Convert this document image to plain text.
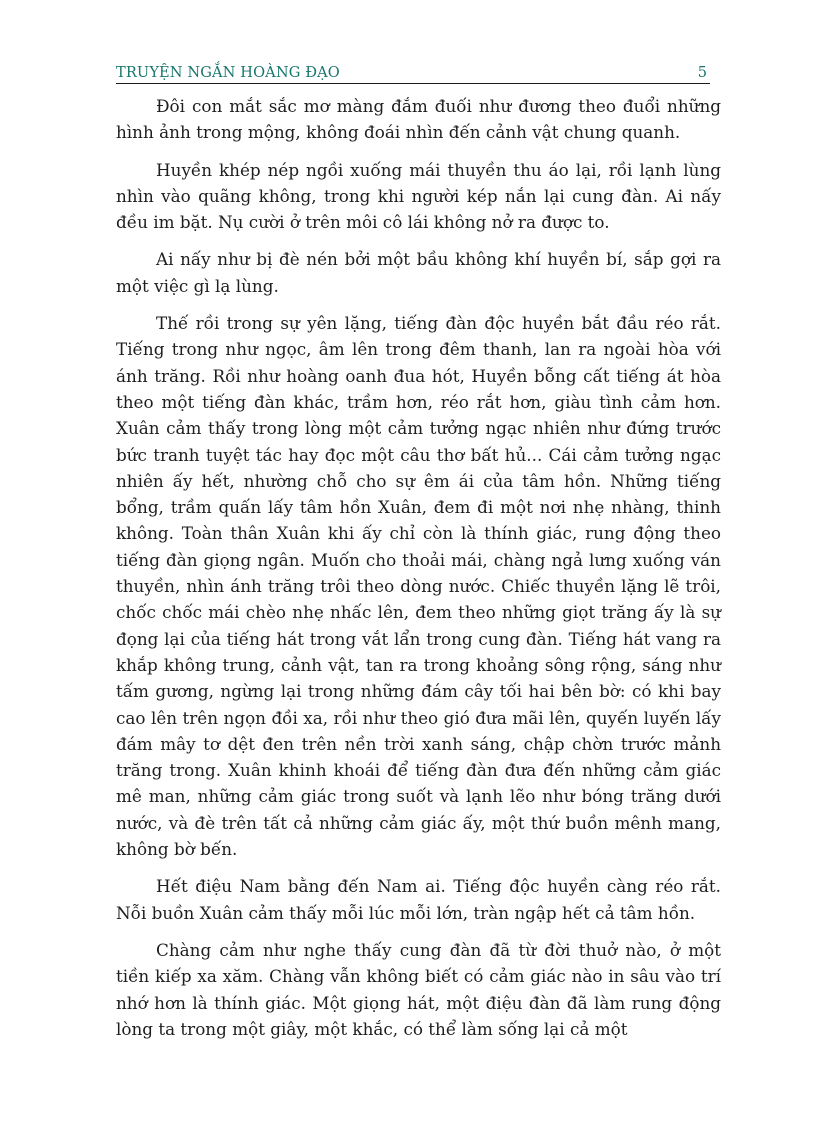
TRUYỆN NGẮN HOÀNG ĐẠO	5

Đôi con mắt sắc mơ màng đắm đuối như đương theo đuổi những hình ảnh trong mộng, không đoái nhìn đến cảnh vật chung quanh.

Huyền khép nép ngồi xuống mái thuyền thu áo lại, rồi lạnh lùng nhìn vào quãng không, trong khi người kép nắn lại cung đàn. Ai nấy đều im bặt. Nụ cười ở trên môi cô lái không nở ra được to.

Ai nấy như bị đè nén bởi một bầu không khí huyền bí, sắp gợi ra một việc gì lạ lùng.

Thế rồi trong sự yên lặng, tiếng đàn độc huyền bắt đầu réo rắt. Tiếng trong như ngọc, âm lên trong đêm thanh, lan ra ngoài hòa với ánh trăng. Rồi như hoàng oanh đua hót, Huyền bỗng cất tiếng át hòa theo một tiếng đàn khác, trầm hơn, réo rắt hơn, giàu tình cảm hơn. Xuân cảm thấy trong lòng một cảm tưởng ngạc nhiên như đứng trước bức tranh tuyệt tác hay đọc một câu thơ bất hủ... Cái cảm tưởng ngạc nhiên ấy hết, nhường chỗ cho sự êm ái của tâm hồn. Những tiếng bổng, trầm quấn lấy tâm hồn Xuân, đem đi một nơi nhẹ nhàng, thinh không. Toàn thân Xuân khi ấy chỉ còn là thính giác, rung động theo tiếng đàn giọng ngân. Muốn cho thoải mái, chàng ngả lưng xuống ván thuyền, nhìn ánh trăng trôi theo dòng nước. Chiếc thuyền lặng lẽ trôi, chốc chốc mái chèo nhẹ nhấc lên, đem theo những giọt trăng ấy là sự đọng lại của tiếng hát trong vắt lẩn trong cung đàn. Tiếng hát vang ra khắp không trung, cảnh vật, tan ra trong khoảng sông rộng, sáng như tấm gương, ngừng lại trong những đám cây tối hai bên bờ: có khi bay cao lên trên ngọn đồi xa, rồi như theo gió đưa mãi lên, quyến luyến lấy đám mây tơ dệt đen trên nền trời xanh sáng, chập chờn trước mảnh trăng trong. Xuân khinh khoái để tiếng đàn đưa đến những cảm giác mê man, những cảm giác trong suốt và lạnh lẽo như bóng trăng dưới nước, và đè trên tất cả những cảm giác ấy, một thứ buồn mênh mang, không bờ bến.

Hết điệu Nam bằng đến Nam ai. Tiếng độc huyền càng réo rắt. Nỗi buồn Xuân cảm thấy mỗi lúc mỗi lớn, tràn ngập hết cả tâm hồn.

Chàng cảm như nghe thấy cung đàn đã từ đời thuở nào, ở một tiền kiếp xa xăm. Chàng vẫn không biết có cảm giác nào in sâu vào trí nhớ hơn là thính giác. Một giọng hát, một điệu đàn đã làm rung động lòng ta trong một giây, một khắc, có thể làm sống lại cả một
